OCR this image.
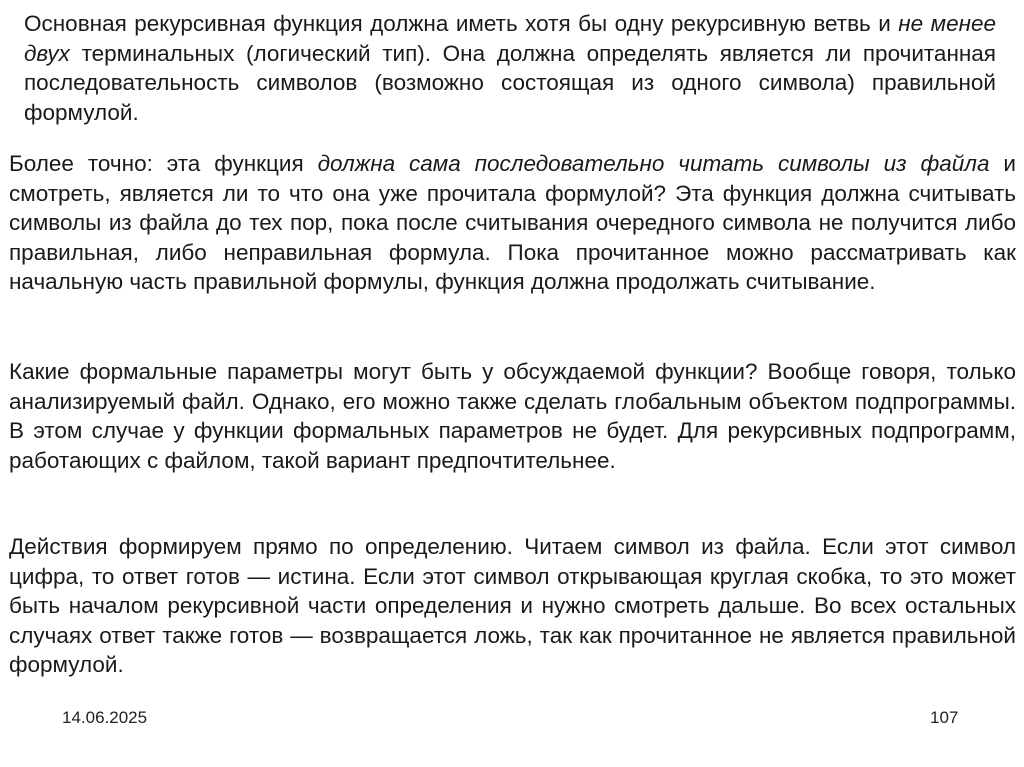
Основная рекурсивная функция должна иметь хотя бы одну рекурсивную ветвь и не менее двух терминальных (логический тип). Она должна определять является ли прочитанная последовательность символов (возможно состоящая из одного символа) правильной формулой.

Более точно: эта функция должна сама последовательно читать символы из файла и смотреть, является ли то что она уже прочитала формулой? Эта функция должна считывать символы из файла до тех пор, пока после считывания очередного символа не получится либо правильная, либо неправильная формула. Пока прочитанное можно рассматривать как начальную часть правильной формулы, функция должна продолжать считывание.

Какие формальные параметры могут быть у обсуждаемой функции? Вообще говоря, только анализируемый файл. Однако, его можно также сделать глобальным объектом подпрограммы. В этом случае у функции формальных параметров не будет. Для рекурсивных подпрограмм, работающих с файлом, такой вариант предпочтительнее.

Действия формируем прямо по определению. Читаем символ из файла. Если этот символ цифра, то ответ готов — истина. Если этот символ открывающая круглая скобка, то это может быть началом рекурсивной части определения и нужно смотреть дальше. Во всех остальных случаях ответ также готов — возвращается ложь, так как прочитанное не является правильной формулой.

14.06.2025	107
